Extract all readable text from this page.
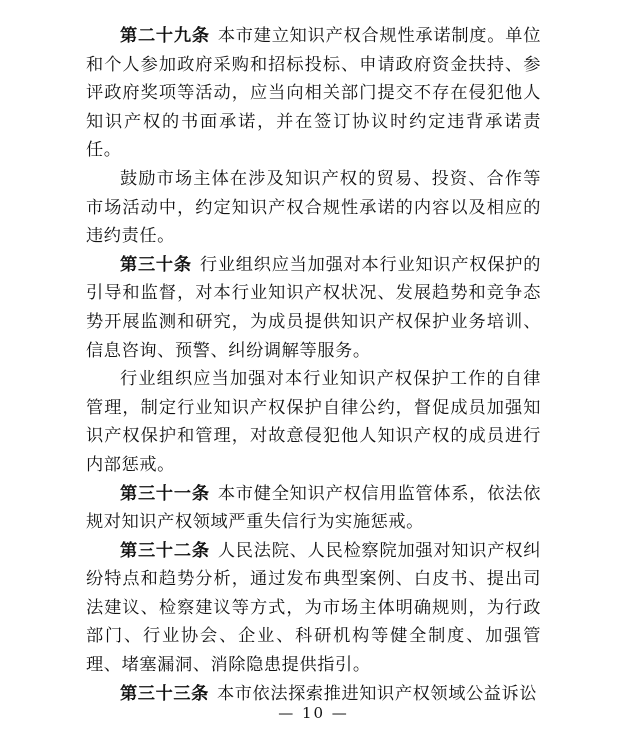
第二十九条 本市建立知识产权合规性承诺制度。单位和个人参加政府采购和招标投标、申请政府资金扶持、参评政府奖项等活动，应当向相关部门提交不存在侵犯他人知识产权的书面承诺，并在签订协议时约定违背承诺责任。

鼓励市场主体在涉及知识产权的贸易、投资、合作等市场活动中，约定知识产权合规性承诺的内容以及相应的违约责任。

第三十条 行业组织应当加强对本行业知识产权保护的引导和监督，对本行业知识产权状况、发展趋势和竞争态势开展监测和研究，为成员提供知识产权保护业务培训、信息咨询、预警、纠纷调解等服务。

行业组织应当加强对本行业知识产权保护工作的自律管理，制定行业知识产权保护自律公约，督促成员加强知识产权保护和管理，对故意侵犯他人知识产权的成员进行内部惩戒。

第三十一条 本市健全知识产权信用监管体系，依法依规对知识产权领域严重失信行为实施惩戒。

第三十二条 人民法院、人民检察院加强对知识产权纠纷特点和趋势分析，通过发布典型案例、白皮书、提出司法建议、检察建议等方式，为市场主体明确规则，为行政部门、行业协会、企业、科研机构等健全制度、加强管理、堵塞漏洞、消除隐患提供指引。

第三十三条 本市依法探索推进知识产权领域公益诉讼

— 10 —
